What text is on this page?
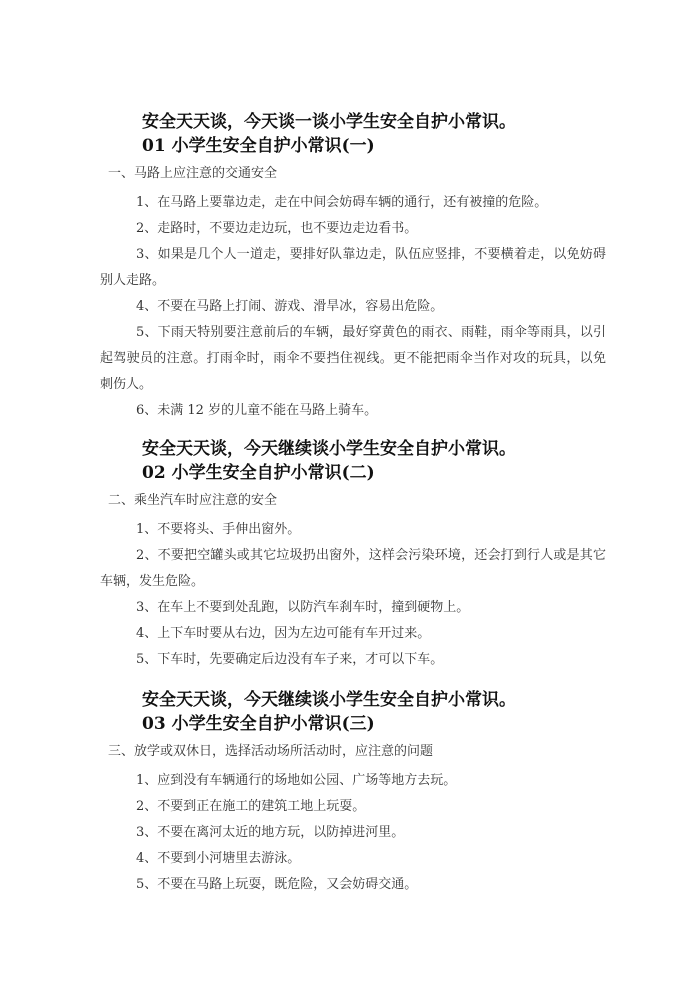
安全天天谈，今天谈一谈小学生安全自护小常识。

01 小学生安全自护小常识(一)

一、马路上应注意的交通安全

1、在马路上要靠边走，走在中间会妨碍车辆的通行，还有被撞的危险。
2、走路时，不要边走边玩，也不要边走边看书。
3、如果是几个人一道走，要排好队靠边走，队伍应竖排，不要横着走，以免妨碍别人走路。
4、不要在马路上打闹、游戏、滑旱冰，容易出危险。
5、下雨天特别要注意前后的车辆，最好穿黄色的雨衣、雨鞋，雨伞等雨具，以引起驾驶员的注意。打雨伞时，雨伞不要挡住视线。更不能把雨伞当作对攻的玩具，以免刺伤人。
6、未满 12 岁的儿童不能在马路上骑车。

安全天天谈，今天继续谈小学生安全自护小常识。

02 小学生安全自护小常识(二)

二、乘坐汽车时应注意的安全

1、不要将头、手伸出窗外。
2、不要把空罐头或其它垃圾扔出窗外，这样会污染环境，还会打到行人或是其它车辆，发生危险。
3、在车上不要到处乱跑，以防汽车刹车时，撞到硬物上。
4、上下车时要从右边，因为左边可能有车开过来。
5、下车时，先要确定后边没有车子来，才可以下车。

安全天天谈，今天继续谈小学生安全自护小常识。

03 小学生安全自护小常识(三)

三、放学或双休日，选择活动场所活动时，应注意的问题

1、应到没有车辆通行的场地如公园、广场等地方去玩。
2、不要到正在施工的建筑工地上玩耍。
3、不要在离河太近的地方玩，以防掉进河里。
4、不要到小河塘里去游泳。
5、不要在马路上玩耍，既危险，又会妨碍交通。
